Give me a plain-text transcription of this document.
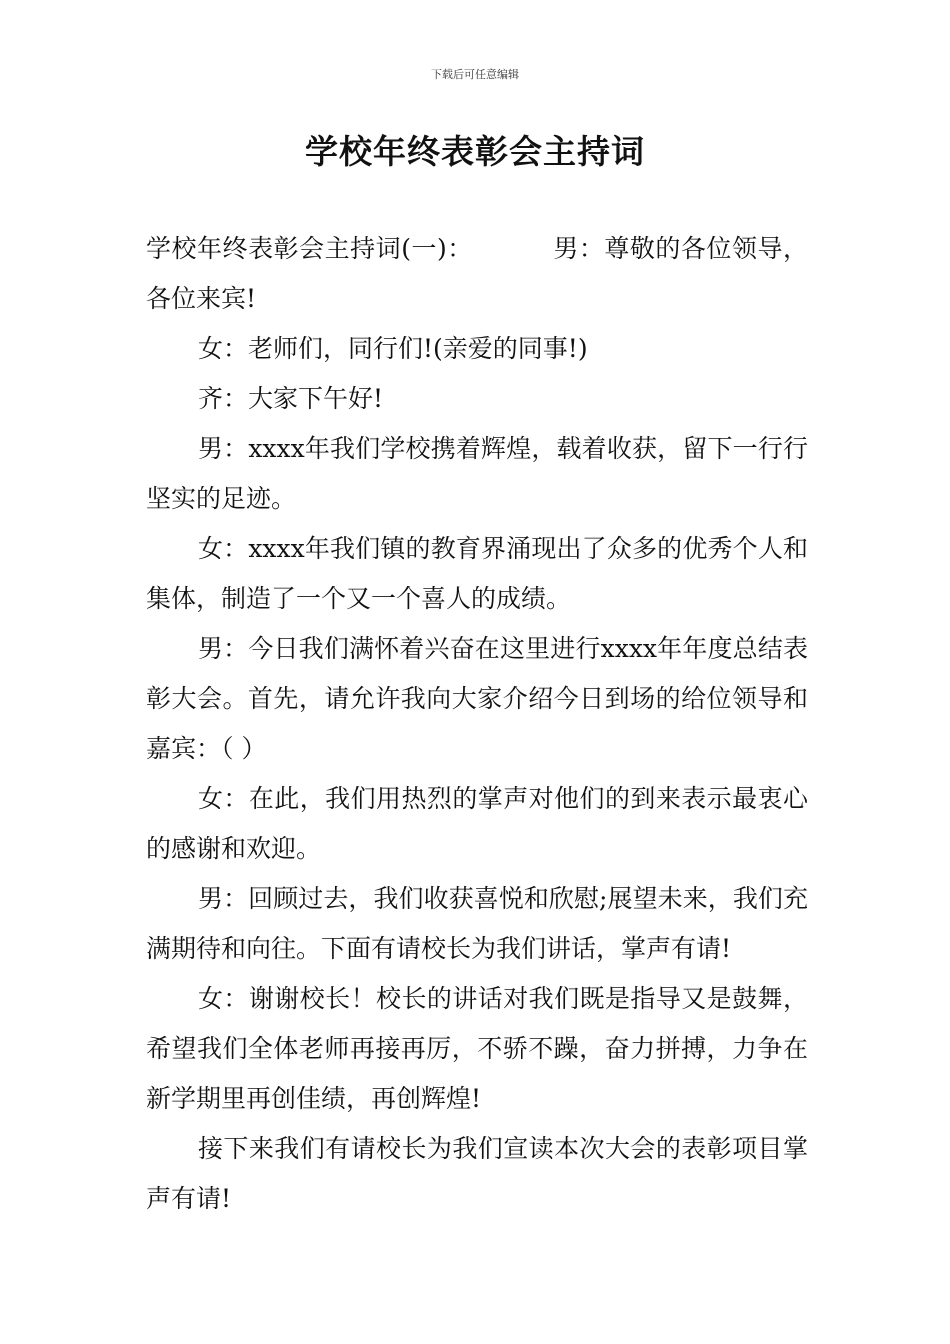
下载后可任意编辑
学校年终表彰会主持词

学校年终表彰会主持词(一)：	男：尊敬的各位领导，各位来宾!

女：老师们，同行们!(亲爱的同事!)

齐：大家下午好!

男：xxxx年我们学校携着辉煌，载着收获，留下一行行坚实的足迹。

女：xxxx年我们镇的教育界涌现出了众多的优秀个人和集体，制造了一个又一个喜人的成绩。

男：今日我们满怀着兴奋在这里进行xxxx年年度总结表彰大会。首先，请允许我向大家介绍今日到场的给位领导和嘉宾：（ ）

女：在此，我们用热烈的掌声对他们的到来表示最衷心的感谢和欢迎。

男：回顾过去，我们收获喜悦和欣慰;展望未来，我们充满期待和向往。下面有请校长为我们讲话，掌声有请!

女：谢谢校长！校长的讲话对我们既是指导又是鼓舞，希望我们全体老师再接再厉，不骄不躁，奋力拼搏，力争在新学期里再创佳绩，再创辉煌!

接下来我们有请校长为我们宣读本次大会的表彰项目掌声有请!
